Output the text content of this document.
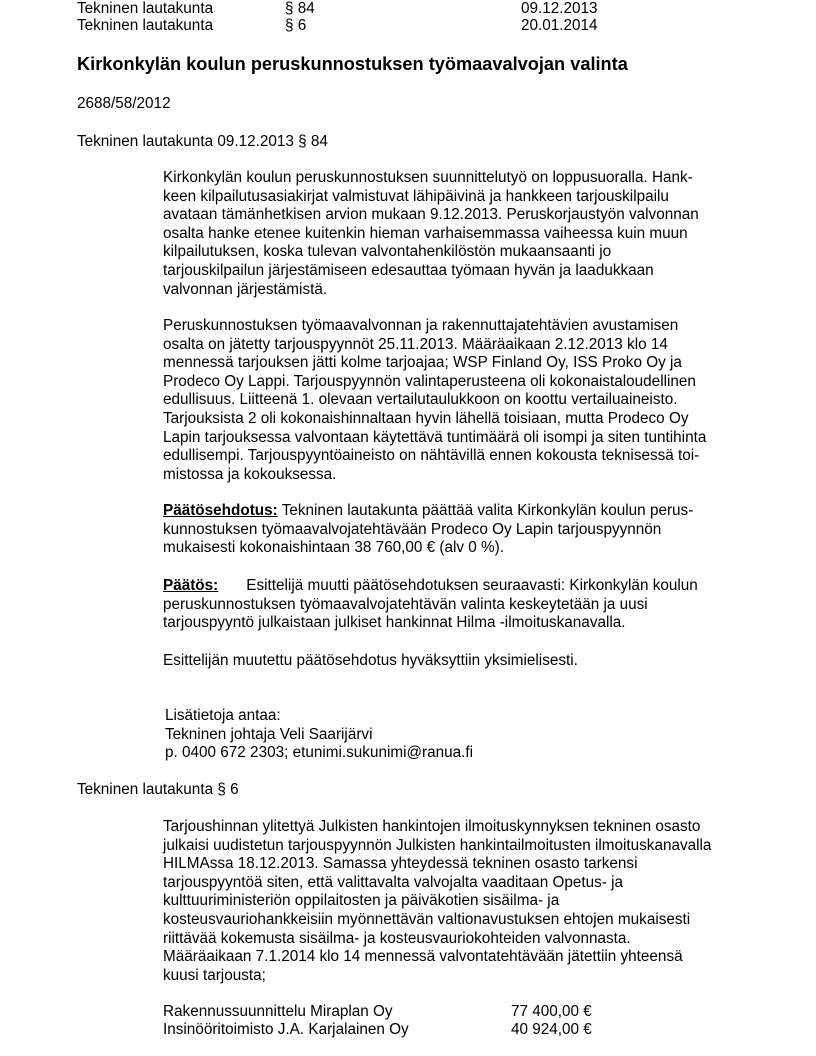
Tekninen lautakunta	§ 84	09.12.2013
Tekninen lautakunta	§ 6	20.01.2014
Kirkonkylän koulun peruskunnostuksen työmaavalvojan valinta
2688/58/2012
Tekninen lautakunta 09.12.2013 § 84
Kirkonkylän koulun peruskunnostuksen suunnittelutyö on loppusuoralla. Hank-
keen kilpailutusasiakirjat valmistuvat lähipäivinä ja hankkeen tarjouskilpailu
avataan tämänhetkisen arvion mukaan 9.12.2013. Peruskorjaustyön valvonnan
osalta hanke etenee kuitenkin hieman varhaisemmassa vaiheessa kuin muun
kilpailutuksen, koska tulevan valvontahenkilöstön mukaansaanti jo
tarjouskilpailun järjestämiseen edesauttaa työmaan hyvän ja laadukkaan
valvonnan järjestämistä.
Peruskunnostuksen työmaavalvonnan ja rakennuttajatehtävien avustamisen
osalta on jätetty tarjouspyynnöt 25.11.2013. Määräaikaan 2.12.2013 klo 14
mennessä tarjouksen jätti kolme tarjoajaa; WSP Finland Oy, ISS Proko Oy ja
Prodeco Oy Lappi. Tarjouspyynnön valintaperusteena oli kokonaistaloudellinen
edullisuus. Liitteenä 1. olevaan vertailutaulukkoon on koottu vertailuaineisto.
Tarjouksista 2 oli kokonaishinnaltaan hyvin lähellä toisiaan, mutta Prodeco Oy
Lapin tarjouksessa valvontaan käytettävä tuntimäärä oli isompi ja siten tuntihinta
edullisempi. Tarjouspyyntöaineisto on nähtävillä ennen kokousta teknisessä toi-
mistossa ja kokouksessa.
Päätösehdotus: Tekninen lautakunta päättää valita Kirkonkylän koulun perus-
kunnostuksen työmaavalvojatehtävään Prodeco Oy Lapin tarjouspyynnön
mukaisesti kokonaishintaan 38 760,00 € (alv 0 %).
Päätös: Esittelijä muutti päätösehdotuksen seuraavasti: Kirkonkylän koulun
peruskunnostuksen työmaavalvojatehtävän valinta keskeytetään ja uusi
tarjouspyyntö julkaistaan julkiset hankinnat Hilma -ilmoituskanavalla.
Esittelijän muutettu päätösehdotus hyväksyttiin yksimielisesti.
Lisätietoja antaa:
Tekninen johtaja Veli Saarijärvi
p. 0400 672 2303; etunimi.sukunimi@ranua.fi
Tekninen lautakunta § 6
Tarjoushinnan ylitettyä Julkisten hankintojen ilmoituskynnyksen tekninen osasto
julkaisi uudistetun tarjouspyynnön Julkisten hankintailmoitusten ilmoituskanavalla
HILMAssa 18.12.2013. Samassa yhteydessä tekninen osasto tarkensi
tarjouspyyntöä siten, että valittavalta valvojalta vaaditaan Opetus- ja
kulttuuriministeriön oppilaitosten ja päiväkotien sisäilma- ja
kosteusvauriohankkeisiin myönnettävän valtionavustuksen ehtojen mukaisesti
riittävää kokemusta sisäilma- ja kosteusvauriokohteiden valvonnasta.
Määräaikaan 7.1.2014 klo 14 mennessä valvontatehtävään jätettiin yhteensä
kuusi tarjousta;
Rakennussuunnittelu Miraplan Oy	77 400,00 €
Insinööritoimisto J.A. Karjalainen Oy	40 924,00 €
